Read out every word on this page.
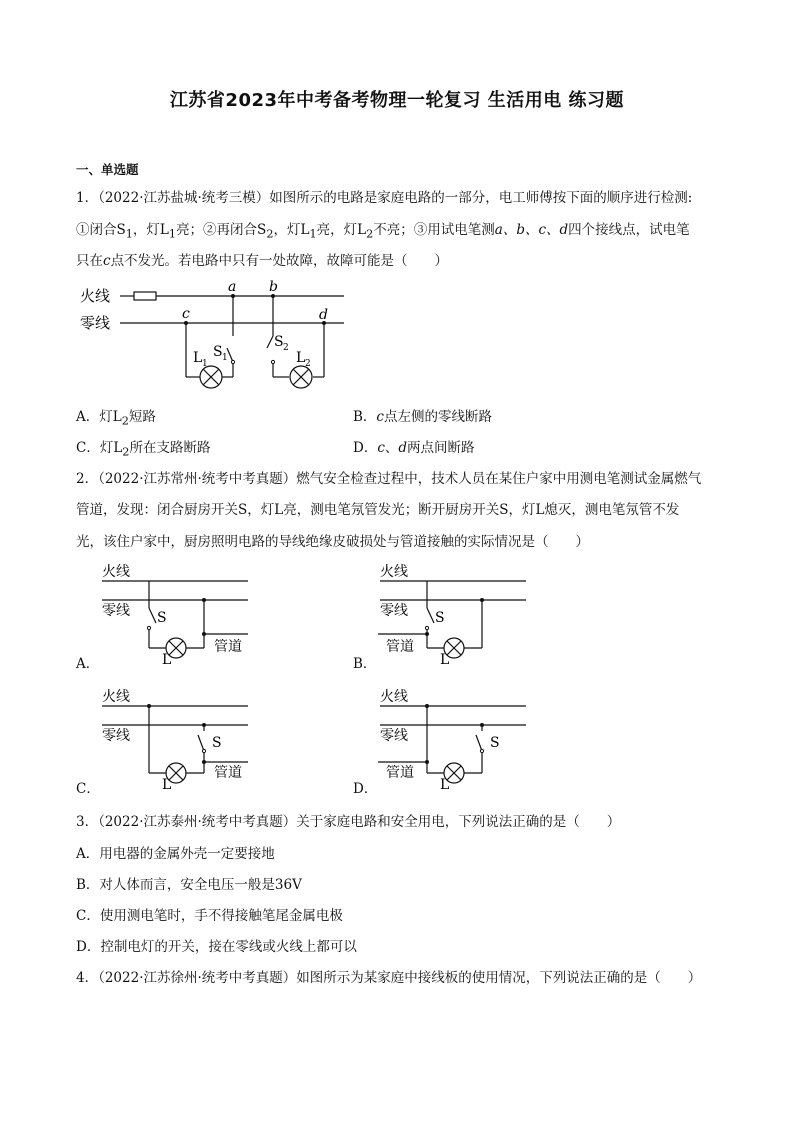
江苏省2023年中考备考物理一轮复习 生活用电 练习题
一、单选题
1．（2022·江苏盐城·统考三模）如图所示的电路是家庭电路的一部分，电工师傅按下面的顺序进行检测:
①闭合$S_1$，灯$L_1$亮；②再闭合$S_2$，灯$L_1$亮，灯$L_2$不亮；③用试电笔测a、b、c、d四个接线点，试电笔
只在c点不发光。若电路中只有一处故障，故障可能是（　　）
火线
零线
a b
c	d
L 1
S 1
S 2
L 2
A．灯$L_2$短路	B．c点左侧的零线断路
C．灯$L_2$所在支路断路	D．c、d两点间断路
2．（2022·江苏常州·统考中考真题）燃气安全检查过程中，技术人员在某住户家中用测电笔测试金属燃气
管道，发现：闭合厨房开关S，灯L亮，测电笔氖管发光；断开厨房开关S，灯L熄灭，测电笔氖管不发
光，该住户家中，厨房照明电路的导线绝缘皮破损处与管道接触的实际情况是（　　）
火线
零线 S
L
管道
A．
火线
零线 S
L
管道
B．
火线
零线	S
L
管道
C．
火线
零线	S
L
管道
D．
3．（2022·江苏泰州·统考中考真题）关于家庭电路和安全用电，下列说法正确的是（　　）
A．用电器的金属外壳一定要接地
B．对人体而言，安全电压一般是36V
C．使用测电笔时，手不得接触笔尾金属电极
D．控制电灯的开关，接在零线或火线上都可以
4．（2022·江苏徐州·统考中考真题）如图所示为某家庭中接线板的使用情况，下列说法正确的是（　　）
